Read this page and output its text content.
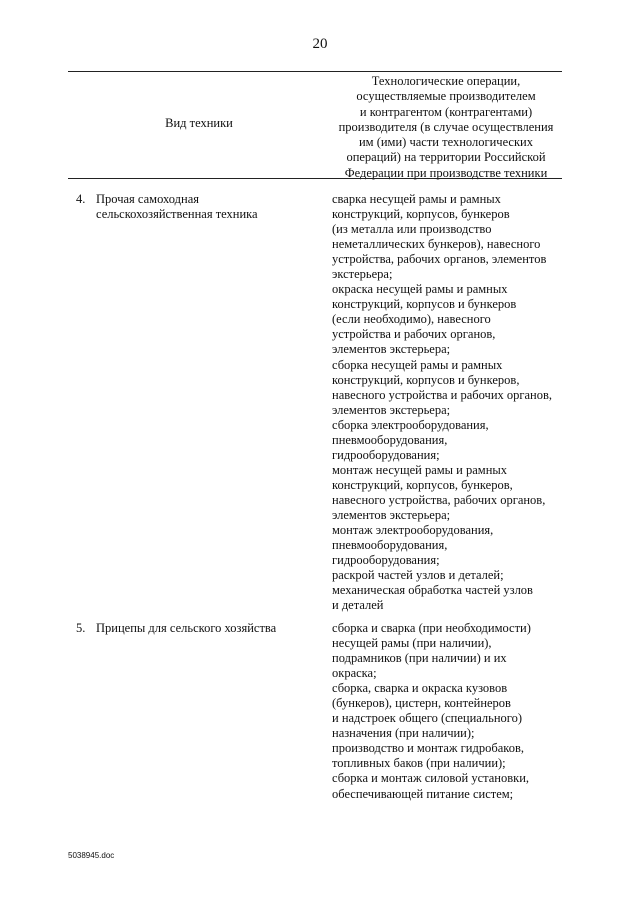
20
Вид техники
Технологические операции,
осуществляемые производителем
и контрагентом (контрагентами)
производителя (в случае осуществления
им (ими) части технологических
операций) на территории Российской
Федерации при производстве техники
4. Прочая самоходная
сельскохозяйственная техника
сварка несущей рамы и рамных
конструкций, корпусов, бункеров
(из металла или производство
неметаллических бункеров), навесного
устройства, рабочих органов, элементов
экстерьера;
окраска несущей рамы и рамных
конструкций, корпусов и бункеров
(если необходимо), навесного
устройства и рабочих органов,
элементов экстерьера;
сборка несущей рамы и рамных
конструкций, корпусов и бункеров,
навесного устройства и рабочих органов,
элементов экстерьера;
сборка электрооборудования,
пневмооборудования,
гидрооборудования;
монтаж несущей рамы и рамных
конструкций, корпусов, бункеров,
навесного устройства, рабочих органов,
элементов экстерьера;
монтаж электрооборудования,
пневмооборудования,
гидрооборудования;
раскрой частей узлов и деталей;
механическая обработка частей узлов
и деталей
5. Прицепы для сельского хозяйства	сборка и сварка (при необходимости)
несущей рамы (при наличии),
подрамников (при наличии) и их
окраска;
сборка, сварка и окраска кузовов
(бункеров), цистерн, контейнеров
и надстроек общего (специального)
назначения (при наличии);
производство и монтаж гидробаков,
топливных баков (при наличии);
сборка и монтаж силовой установки,
обеспечивающей питание систем;
5038945.doc
